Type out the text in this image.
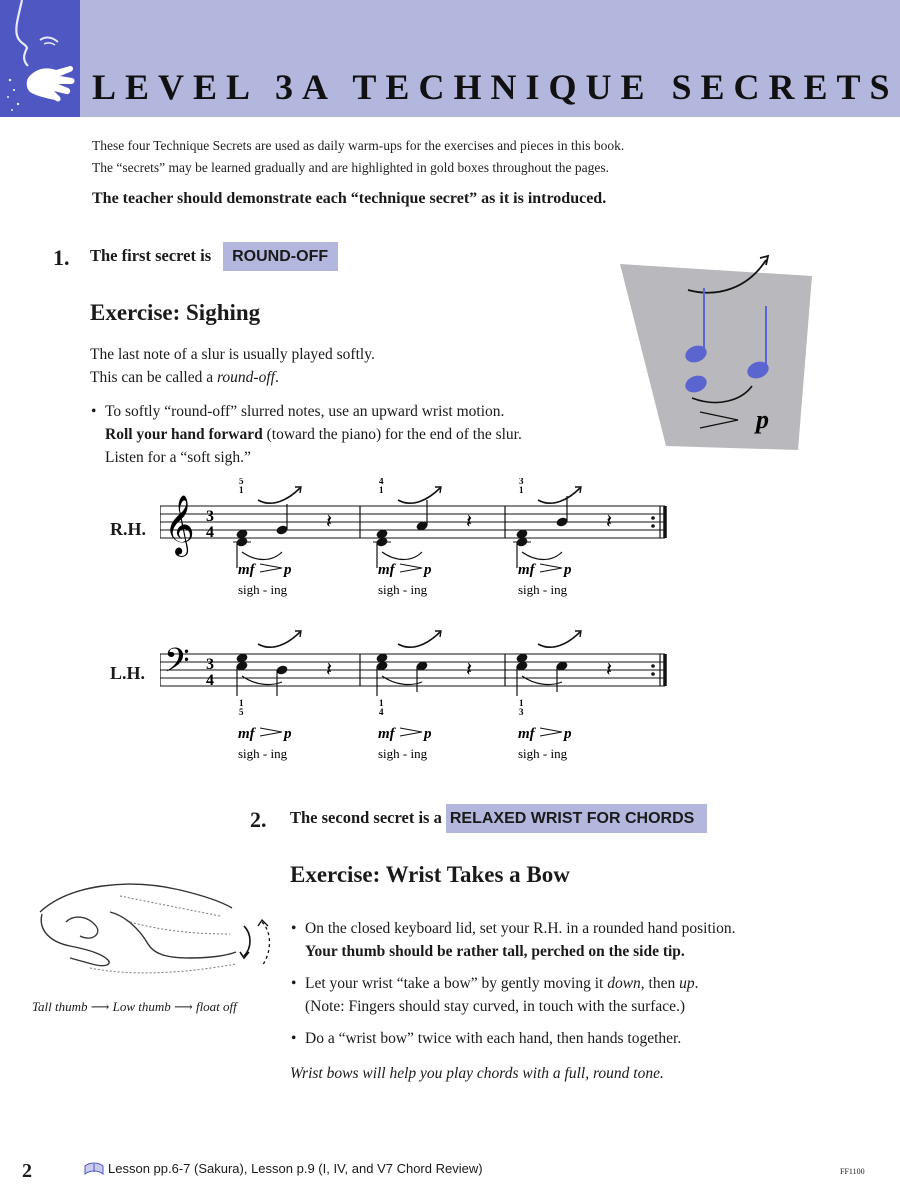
LEVEL 3A TECHNIQUE SECRETS
These four Technique Secrets are used as daily warm-ups for the exercises and pieces in this book.
The “secrets” may be learned gradually and are highlighted in gold boxes throughout the pages.
The teacher should demonstrate each “technique secret” as it is introduced.
1. The first secret is ROUND-OFF
Exercise: Sighing
The last note of a slur is usually played softly.
This can be called a round-off.
• To softly “round-off” slurred notes, use an upward wrist motion.
Roll your hand forward (toward the piano) for the end of the slur.
Listen for a “soft sigh.”
p
R.H.
L.H.
𝄞 3
4	𝄽
5
1
mf p
sigh - ing
𝄽
4
1
mf p
sigh - ing
𝄽
3
1
mf p
sigh - ing
𝄢 3
4	𝄽
1
5
mf p
sigh - ing
𝄽
1
4
mf p
sigh - ing
𝄽
1
3
mf p
sigh - ing
2. The second secret is a RELAXED WRIST FOR CHORDS
Exercise: Wrist Takes a Bow
• On the closed keyboard lid, set your R.H. in a rounded hand position.
Your thumb should be rather tall, perched on the side tip.
• Let your wrist “take a bow” by gently moving it down, then up.
(Note: Fingers should stay curved, in touch with the surface.)
• Do a “wrist bow” twice with each hand, then hands together.
Wrist bows will help you play chords with a full, round tone.
Tall thumb ⟶ Low thumb ⟶ float off
2	Lesson pp.6-7 (Sakura), Lesson p.9 (I, IV, and V7 Chord Review)	FF1100
